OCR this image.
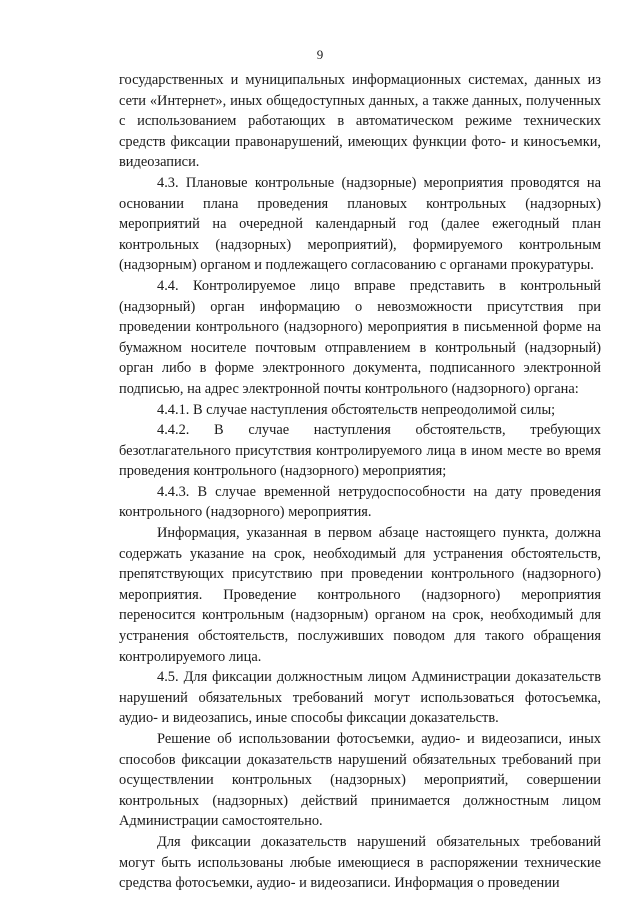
9

государственных и муниципальных информационных системах, данных из сети «Интернет», иных общедоступных данных, а также данных, полученных с использованием работающих в автоматическом режиме технических средств фиксации правонарушений, имеющих функции фото- и киносъемки, видеозаписи.

4.3. Плановые контрольные (надзорные) мероприятия проводятся на основании плана проведения плановых контрольных (надзорных) мероприятий на очередной календарный год (далее ежегодный план контрольных (надзорных) мероприятий), формируемого контрольным (надзорным) органом и подлежащего согласованию с органами прокуратуры.

4.4. Контролируемое лицо вправе представить в контрольный (надзорный) орган информацию о невозможности присутствия при проведении контрольного (надзорного) мероприятия в письменной форме на бумажном носителе почтовым отправлением в контрольный (надзорный) орган либо в форме электронного документа, подписанного электронной подписью, на адрес электронной почты контрольного (надзорного) органа:

4.4.1. В случае наступления обстоятельств непреодолимой силы;

4.4.2. В случае наступления обстоятельств, требующих безотлагательного присутствия контролируемого лица в ином месте во время проведения контрольного (надзорного) мероприятия;

4.4.3. В случае временной нетрудоспособности на дату проведения контрольного (надзорного) мероприятия.

Информация, указанная в первом абзаце настоящего пункта, должна содержать указание на срок, необходимый для устранения обстоятельств, препятствующих присутствию при проведении контрольного (надзорного) мероприятия. Проведение контрольного (надзорного) мероприятия переносится контрольным (надзорным) органом на срок, необходимый для устранения обстоятельств, послуживших поводом для такого обращения контролируемого лица.

4.5. Для фиксации должностным лицом Администрации доказательств нарушений обязательных требований могут использоваться фотосъемка, аудио- и видеозапись, иные способы фиксации доказательств.

Решение об использовании фотосъемки, аудио- и видеозаписи, иных способов фиксации доказательств нарушений обязательных требований при осуществлении контрольных (надзорных) мероприятий, совершении контрольных (надзорных) действий принимается должностным лицом Администрации самостоятельно.

Для фиксации доказательств нарушений обязательных требований могут быть использованы любые имеющиеся в распоряжении технические средства фотосъемки, аудио- и видеозаписи. Информация о проведении
